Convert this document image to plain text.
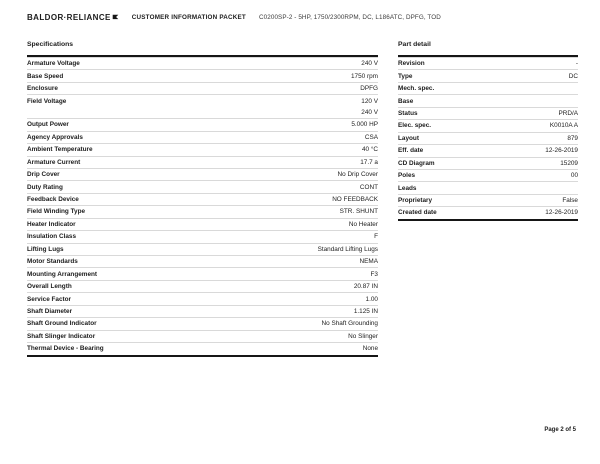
BALDOR·RELIANCE	CUSTOMER INFORMATION PACKET C0200SP-2 - 5HP, 1750/2300RPM, DC, L186ATC, DPFG, TOD
Specifications
Armature Voltage	240 V
Base Speed	1750 rpm
Enclosure	DPFG
Field Voltage	120 V
240 V
Output Power	5.000 HP
Agency Approvals	CSA
Ambient Temperature	40 °C
Armature Current	17.7 a
Drip Cover	No Drip Cover
Duty Rating	CONT
Feedback Device	NO FEEDBACK
Field Winding Type	STR. SHUNT
Heater Indicator	No Heater
Insulation Class	F
Lifting Lugs	Standard Lifting Lugs
Motor Standards	NEMA
Mounting Arrangement	F3
Overall Length	20.87 IN
Service Factor	1.00
Shaft Diameter	1.125 IN
Shaft Ground Indicator	No Shaft Grounding
Shaft Slinger Indicator	No Slinger
Thermal Device - Bearing	None
Part detail
Revision	-
Type	DC
Mech. spec.
Base
Status	PRD/A
Elec. spec.	K0010A A
Layout	879
Eff. date	12-26-2019
CD Diagram	15209
Poles	00
Leads
Proprietary	False
Created date	12-26-2019
Page 2 of 5
